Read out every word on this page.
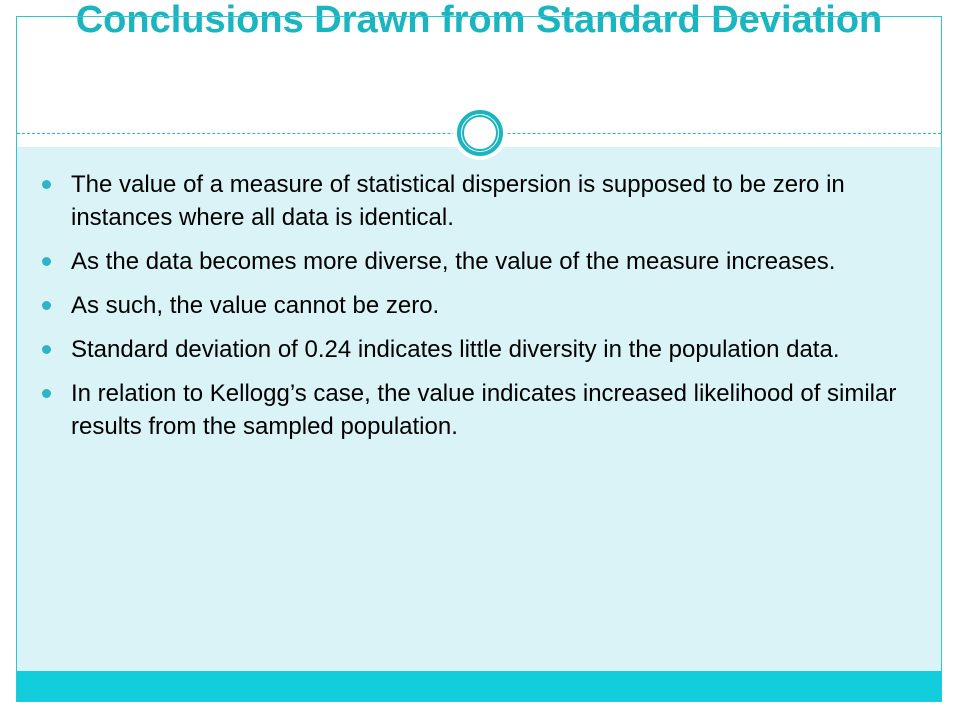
Conclusions Drawn from Standard Deviation
The value of a measure of statistical dispersion is supposed to be zero in instances where all data is identical.
As the data becomes more diverse, the value of the measure increases.
As such, the value cannot be zero.
Standard deviation of 0.24 indicates little diversity in the population data.
In relation to Kellogg’s case, the value indicates increased likelihood of similar results from the sampled population.
